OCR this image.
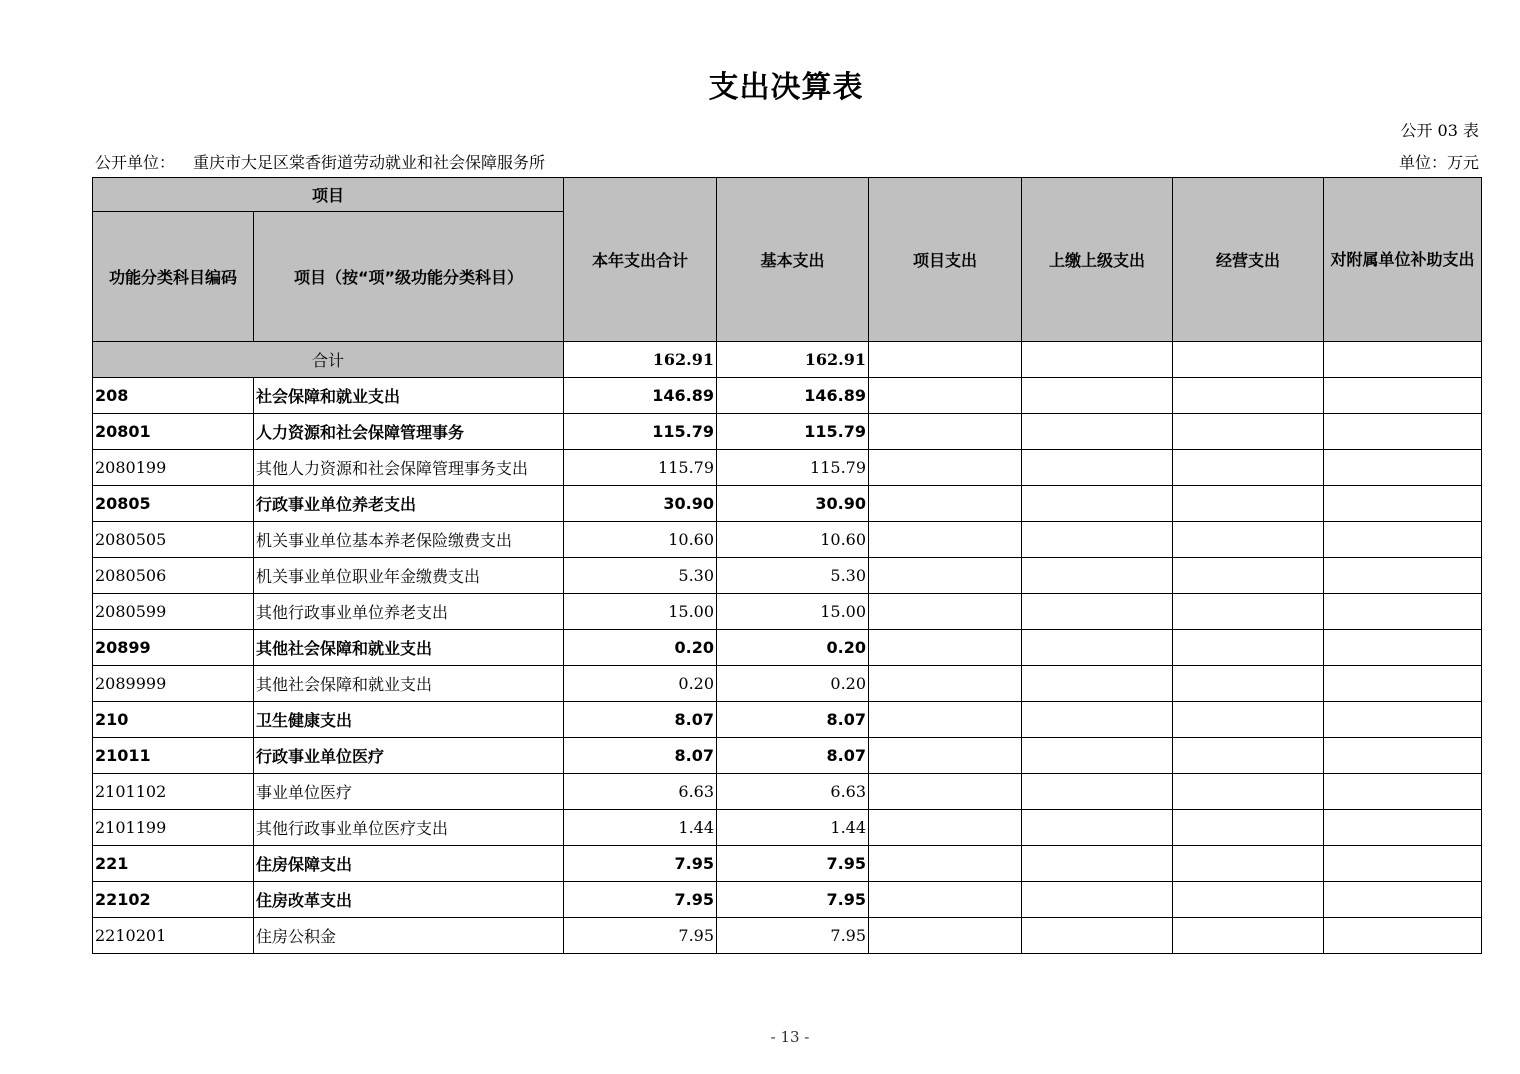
支出决算表
公开 03 表
公开单位： 重庆市大足区棠香街道劳动就业和社会保障服务所	单位：万元
项目		本年支出合计	基本支出	项目支出	上缴上级支出	经营支出	对附属单位补助支出
功能分类科目编码	项目（按“项”级功能分类科目）						
合计		162.91	162.91				
208	社会保障和就业支出	146.89	146.89				
20801	人力资源和社会保障管理事务	115.79	115.79				
2080199	其他人力资源和社会保障管理事务支出	115.79	115.79				
20805	行政事业单位养老支出	30.90	30.90				
2080505	机关事业单位基本养老保险缴费支出	10.60	10.60				
2080506	机关事业单位职业年金缴费支出	5.30	5.30				
2080599	其他行政事业单位养老支出	15.00	15.00				
20899	其他社会保障和就业支出	0.20	0.20				
2089999	其他社会保障和就业支出	0.20	0.20				
210	卫生健康支出	8.07	8.07				
21011	行政事业单位医疗	8.07	8.07				
2101102	事业单位医疗	6.63	6.63				
2101199	其他行政事业单位医疗支出	1.44	1.44				
221	住房保障支出	7.95	7.95				
22102	住房改革支出	7.95	7.95				
2210201	住房公积金	7.95	7.95				
- 13 -
